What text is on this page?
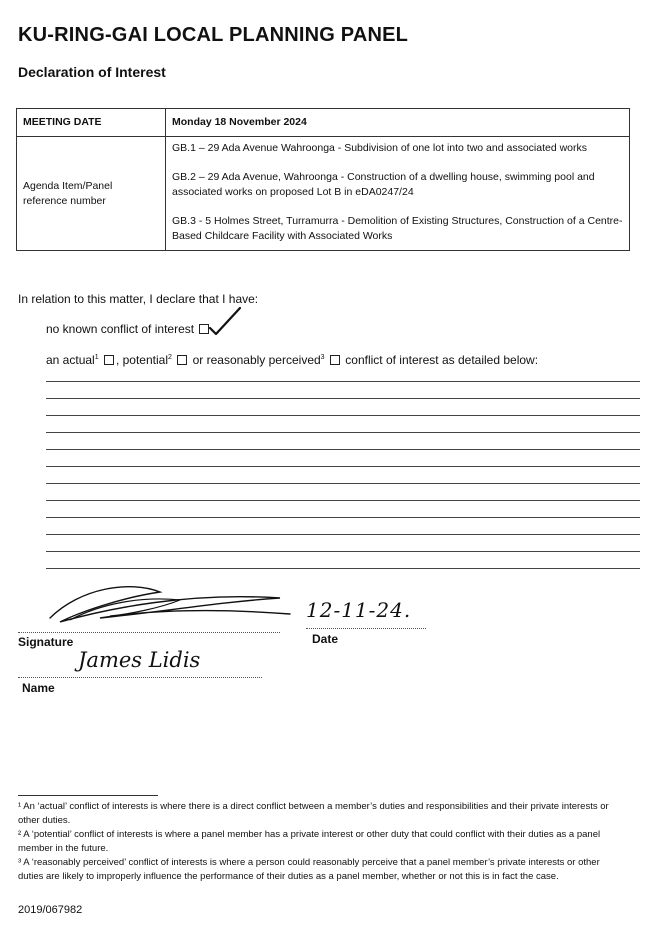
KU-RING-GAI LOCAL PLANNING PANEL
Declaration of Interest
MEETING DATE	Monday 18 November 2024
Agenda Item/Panel reference number	GB.1 – 29 Ada Avenue Wahroonga - Subdivision of one lot into two and associated works

GB.2 – 29 Ada Avenue, Wahroonga - Construction of a dwelling house, swimming pool and associated works on proposed Lot B in eDA0247/24

GB.3 - 5 Holmes Street, Turramurra - Demolition of Existing Structures, Construction of a Centre-Based Childcare Facility with Associated Works

In relation to this matter, I declare that I have:
no known conflict of interest
an actual$^1$ , potential$^2$ or reasonably perceived$^3$ conflict of interest as detailed below:
12-11-24.
Signature	Date
James Lidis
Name

¹ An ‘actual’ conflict of interests is where there is a direct conflict between a member’s duties and responsibilities and their private interests or other duties.

² A ‘potential’ conflict of interests is where a panel member has a private interest or other duty that could conflict with their duties as a panel member in the future.

³ A ‘reasonably perceived’ conflict of interests is where a person could reasonably perceive that a panel member’s private interests or other duties are likely to improperly influence the performance of their duties as a panel member, whether or not this is in fact the case.

2019/067982
